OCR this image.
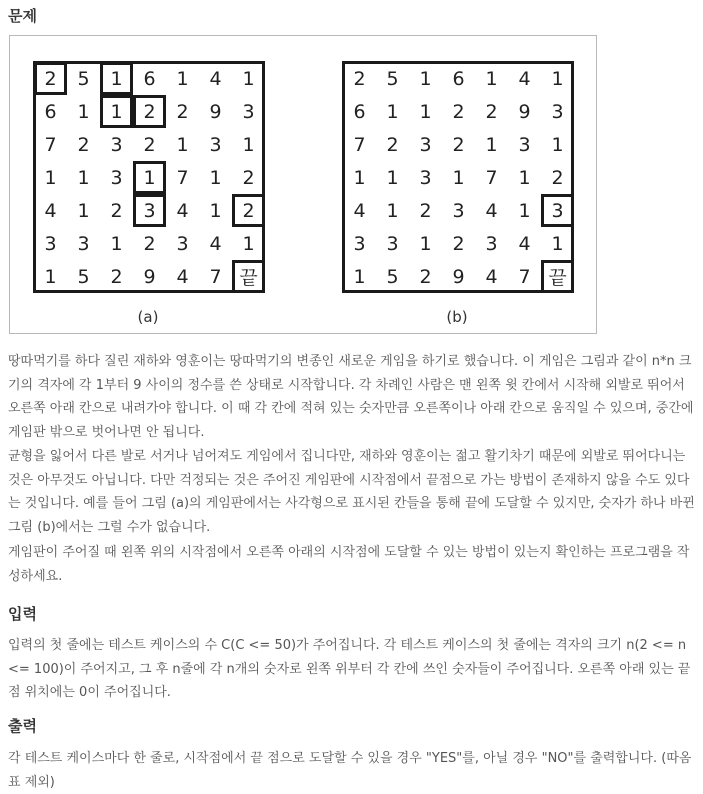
문제
2	5	1	6	1	4	1
6	1	1	2	2	9	3
7	2	3	2	1	3	1
1	1	3	1	7	1	2
4	1	2	3	4	1	2
3	3	1	2	3	4	1
1	5	2	9	4	7 끝
(a)
2	5	1	6	1	4	1
6	1	1	2	2	9	3
7	2	3	2	1	3	1
1	1	3	1	7	1	2
4	1	2	3	4	1	3
3	3	1	2	3	4	1
1	5	2	9	4	7 끝
(b)

땅따먹기를 하다 질린 재하와 영훈이는 땅따먹기의 변종인 새로운 게임을 하기로 했습니다. 이 게임은 그림과 같이 n*n 크기의 격자에 각 1부터 9 사이의 정수를 쓴 상태로 시작합니다. 각 차례인 사람은 맨 왼쪽 윗 칸에서 시작해 외발로 뛰어서 오른쪽 아래 칸으로 내려가야 합니다. 이 때 각 칸에 적혀 있는 숫자만큼 오른쪽이나 아래 칸으로 움직일 수 있으며, 중간에 게임판 밖으로 벗어나면 안 됩니다.

균형을 잃어서 다른 발로 서거나 넘어져도 게임에서 집니다만, 재하와 영훈이는 젊고 활기차기 때문에 외발로 뛰어다니는 것은 아무것도 아닙니다. 다만 걱정되는 것은 주어진 게임판에 시작점에서 끝점으로 가는 방법이 존재하지 않을 수도 있다는 것입니다. 예를 들어 그림 (a)의 게임판에서는 사각형으로 표시된 칸들을 통해 끝에 도달할 수 있지만, 숫자가 하나 바뀐 그림 (b)에서는 그럴 수가 없습니다.

게임판이 주어질 때 왼쪽 위의 시작점에서 오른쪽 아래의 시작점에 도달할 수 있는 방법이 있는지 확인하는 프로그램을 작성하세요.

입력

입력의 첫 줄에는 테스트 케이스의 수 C(C <= 50)가 주어집니다. 각 테스트 케이스의 첫 줄에는 격자의 크기 n(2 <= n <= 100)이 주어지고, 그 후 n줄에 각 n개의 숫자로 왼쪽 위부터 각 칸에 쓰인 숫자들이 주어집니다. 오른쪽 아래 있는 끝 점 위치에는 0이 주어집니다.

출력

각 테스트 케이스마다 한 줄로, 시작점에서 끝 점으로 도달할 수 있을 경우 "YES"를, 아닐 경우 "NO"를 출력합니다. (따옴표 제외)
